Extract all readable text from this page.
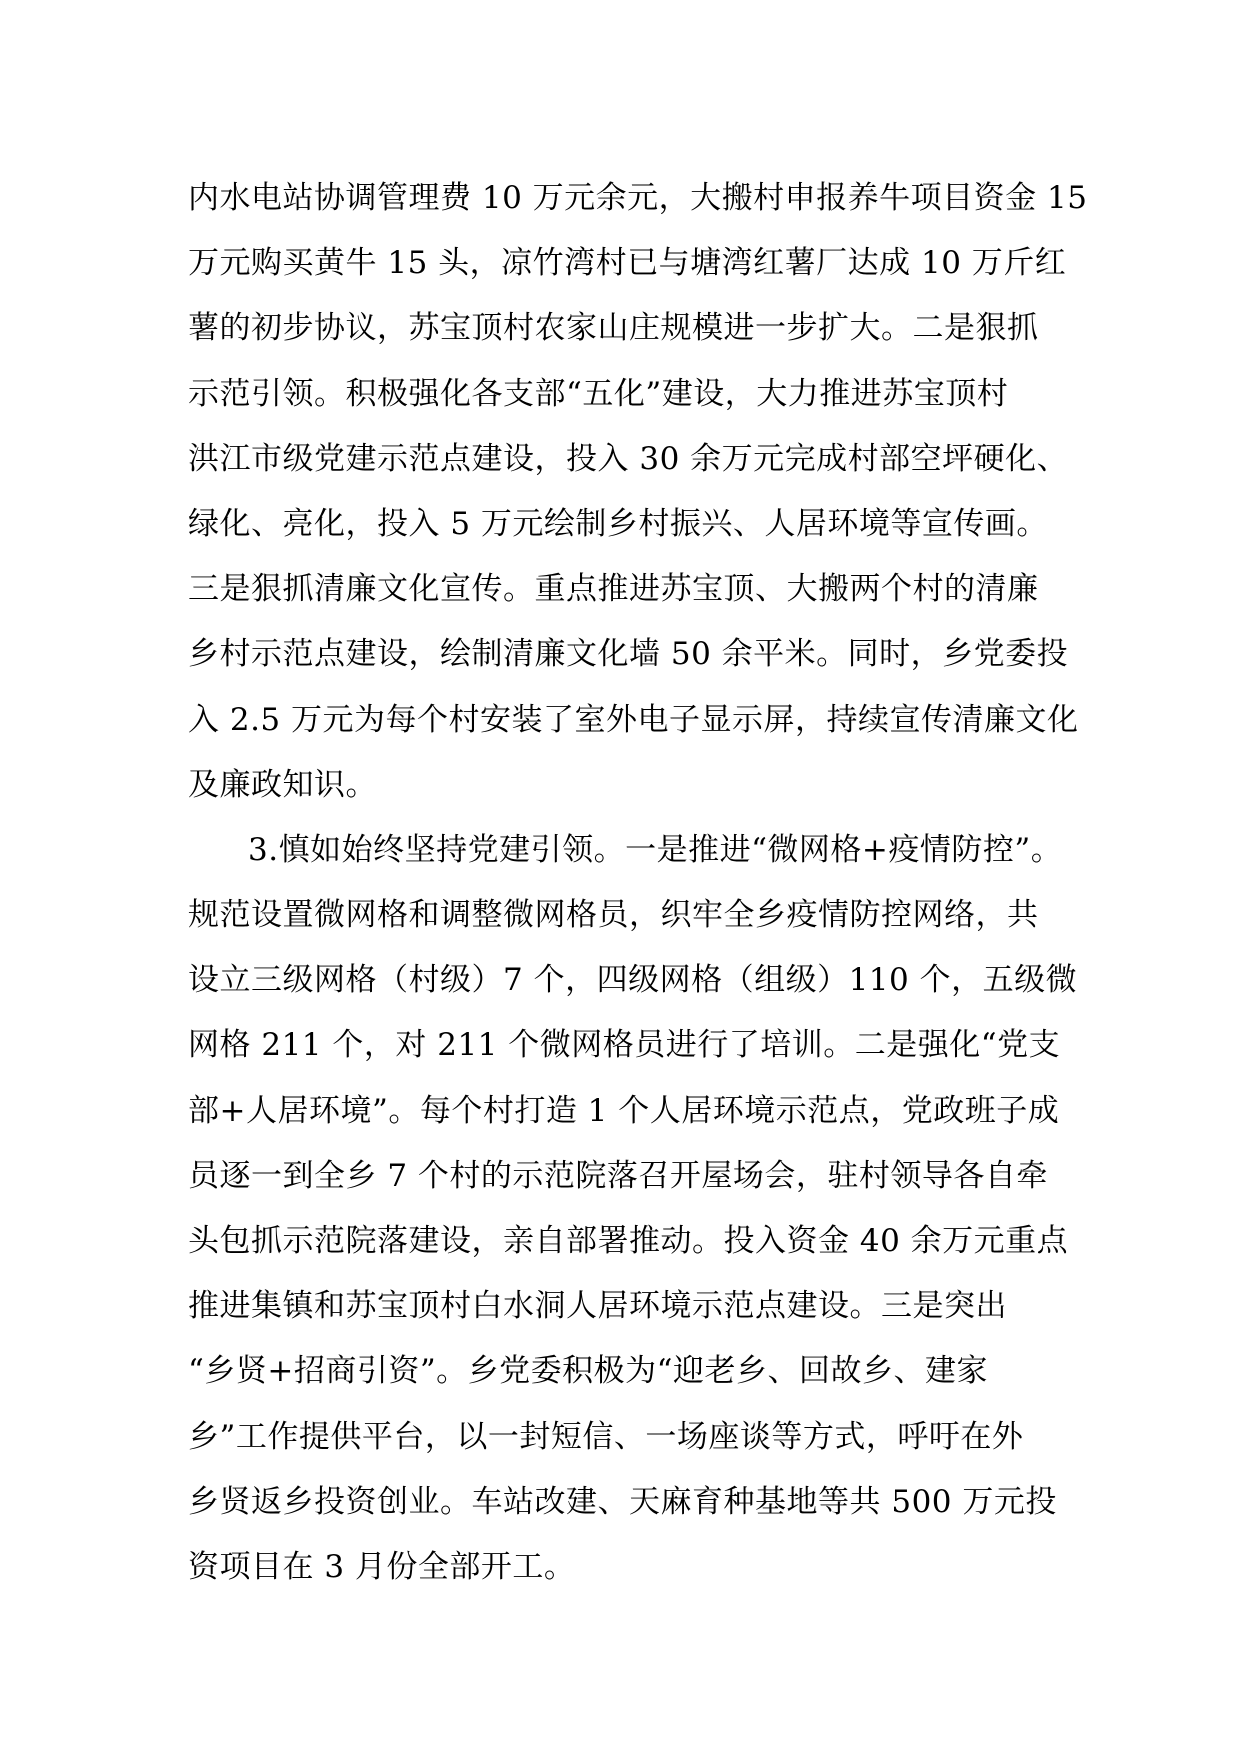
内水电站协调管理费 10 万元余元，大搬村申报养牛项目资金 15
万元购买黄牛 15 头，凉竹湾村已与塘湾红薯厂达成 10 万斤红
薯的初步协议，苏宝顶村农家山庄规模进一步扩大。二是狠抓
示范引领。积极强化各支部“五化”建设，大力推进苏宝顶村
洪江市级党建示范点建设，投入 30 余万元完成村部空坪硬化、
绿化、亮化，投入 5 万元绘制乡村振兴、人居环境等宣传画。
三是狠抓清廉文化宣传。重点推进苏宝顶、大搬两个村的清廉
乡村示范点建设，绘制清廉文化墙 50 余平米。同时，乡党委投
入 2.5 万元为每个村安装了室外电子显示屏，持续宣传清廉文化
及廉政知识。
3.慎如始终坚持党建引领。一是推进“微网格+疫情防控”。
规范设置微网格和调整微网格员，织牢全乡疫情防控网络，共
设立三级网格（村级）7 个，四级网格（组级）110 个，五级微
网格 211 个，对 211 个微网格员进行了培训。二是强化“党支
部+人居环境”。每个村打造 1 个人居环境示范点，党政班子成
员逐一到全乡 7 个村的示范院落召开屋场会，驻村领导各自牵
头包抓示范院落建设，亲自部署推动。投入资金 40 余万元重点
推进集镇和苏宝顶村白水洞人居环境示范点建设。三是突出
“乡贤+招商引资”。乡党委积极为“迎老乡、回故乡、建家
乡”工作提供平台，以一封短信、一场座谈等方式，呼吁在外
乡贤返乡投资创业。车站改建、天麻育种基地等共 500 万元投
资项目在 3 月份全部开工。
